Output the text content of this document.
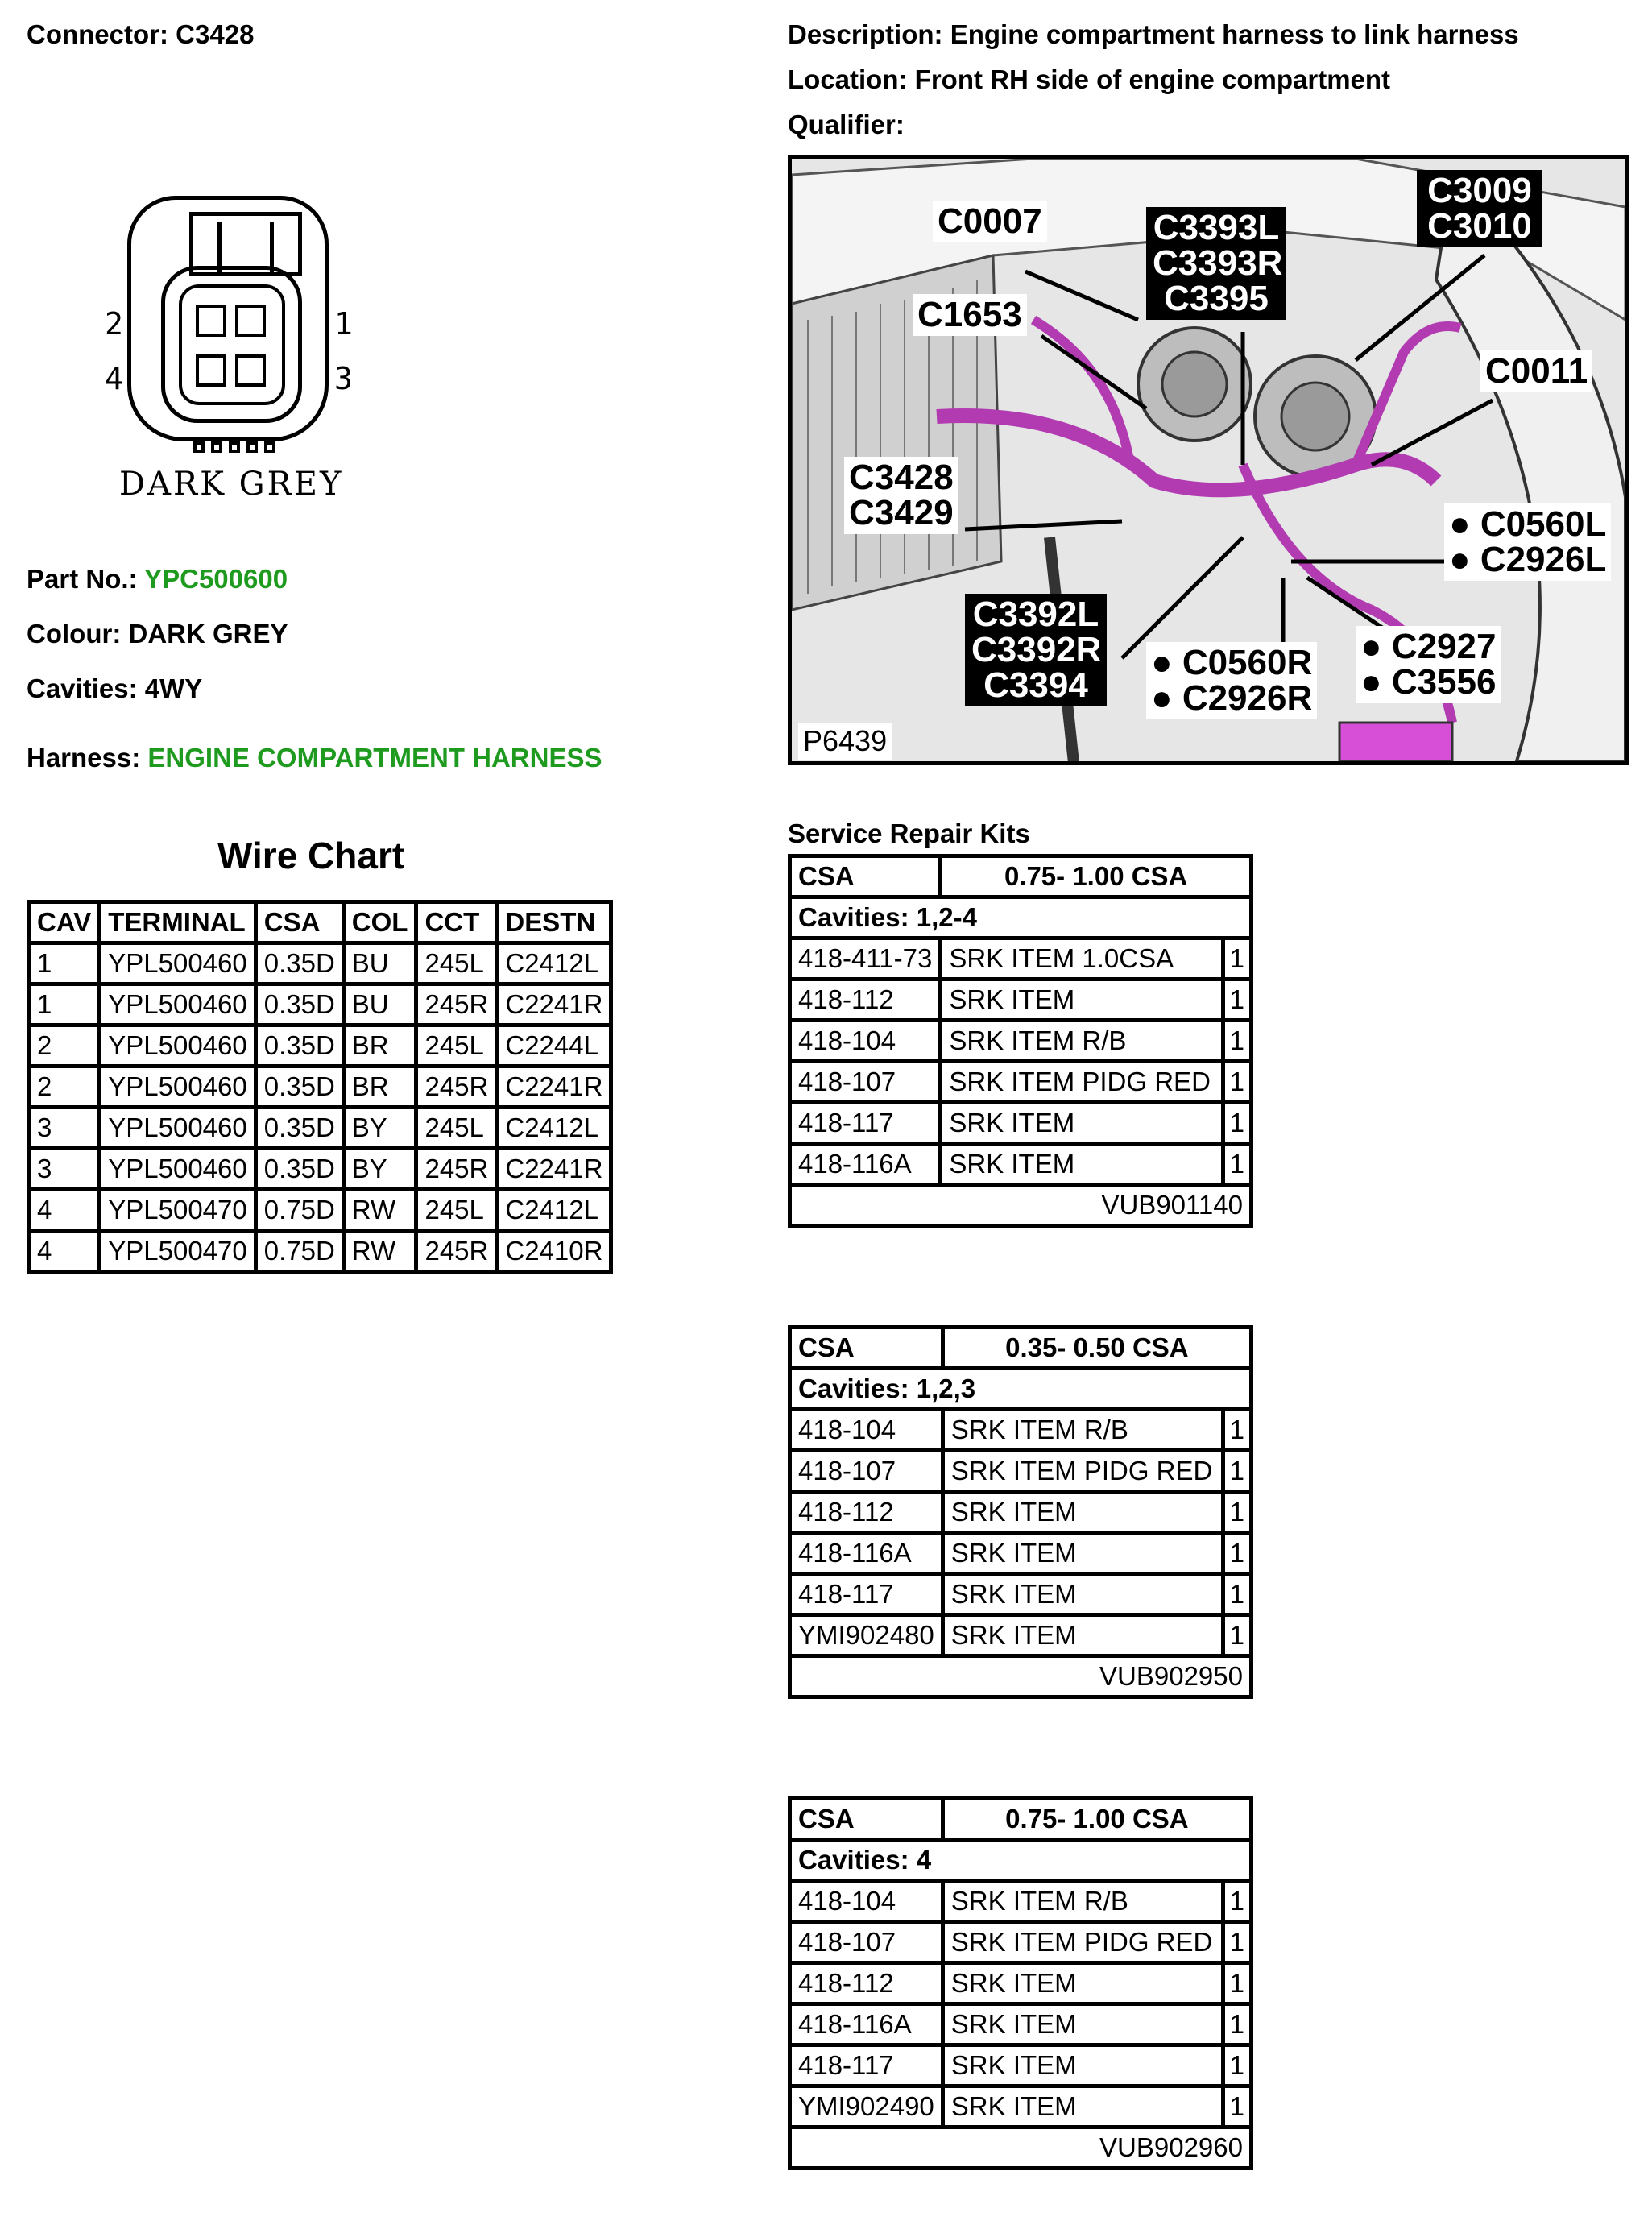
Connector: C3428	Description: Engine compartment harness to link harness
Location: Front RH side of engine compartment
Qualifier:
2	1
4	3
DARK GREY
Part No.: YPC500600
Colour: DARK GREY
Cavities: 4WY
Harness: ENGINE COMPARTMENT HARNESS
Wire Chart
CAV	TERMINAL	CSA	COL	CCT	DESTN
1	YPL500460	0.35D	BU	245L	C2412L
1	YPL500460	0.35D	BU	245R	C2241R
2	YPL500460	0.35D	BR	245L	C2244L
2	YPL500460	0.35D	BR	245R	C2241R
3	YPL500460	0.35D	BY	245L	C2412L
3	YPL500460	0.35D	BY	245R	C2241R
4	YPL500470	0.75D	RW	245L	C2412L
4	YPL500470	0.75D	RW	245R	C2410R
C0007	C3393L
C3393R
C3395
C3009
C3010
C1653
C0011
C3428
C3429	● C0560L
● C2926L
C3392L
C3392R
C3394
● C2927
● C3556
● C0560R
● C2926R
P6439
Service Repair Kits
CSA	0.75- 1.00 CSA	
Cavities: 1,2-4		
418-411-73	SRK ITEM 1.0CSA	1
418-112	SRK ITEM	1
418-104	SRK ITEM R/B	1
418-107	SRK ITEM PIDG RED	1
418-117	SRK ITEM	1
418-116A	SRK ITEM	1
VUB901140		
CSA	0.35- 0.50 CSA	
Cavities: 1,2,3		
418-104	SRK ITEM R/B	1
418-107	SRK ITEM PIDG RED	1
418-112	SRK ITEM	1
418-116A	SRK ITEM	1
418-117	SRK ITEM	1
YMI902480	SRK ITEM	1
VUB902950		
CSA	0.75- 1.00 CSA	
Cavities: 4		
418-104	SRK ITEM R/B	1
418-107	SRK ITEM PIDG RED	1
418-112	SRK ITEM	1
418-116A	SRK ITEM	1
418-117	SRK ITEM	1
YMI902490	SRK ITEM	1
VUB902960		
